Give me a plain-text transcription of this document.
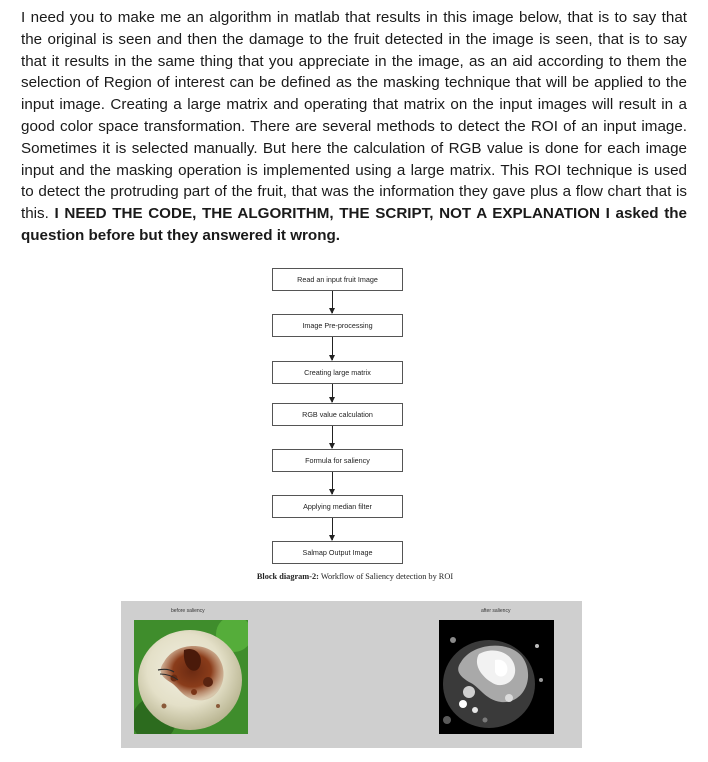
I need you to make me an algorithm in matlab that results in this image below, that is to say that the original is seen and then the damage to the fruit detected in the image is seen, that is to say that it results in the same thing that you appreciate in the image, as an aid according to them the selection of Region of interest can be defined as the masking technique that will be applied to the input image. Creating a large matrix and operating that matrix on the input images will result in a good color space transformation. There are several methods to detect the ROI of an input image. Sometimes it is selected manually. But here the calculation of RGB value is done for each image input and the masking operation is implemented using a large matrix. This ROI technique is used to detect the protruding part of the fruit, that was the information they gave plus a flow chart that is this. I NEED THE CODE, THE ALGORITHM, THE SCRIPT, NOT A EXPLANATION I asked the question before but they answered it wrong.

Read an input fruit Image
Image Pre-processing
Creating large matrix
RGB value calculation
Formula for saliency
Applying median filter
Salmap Output Image
Block diagram-2: Workflow of Saliency detection by ROI
before saliency	after saliency
